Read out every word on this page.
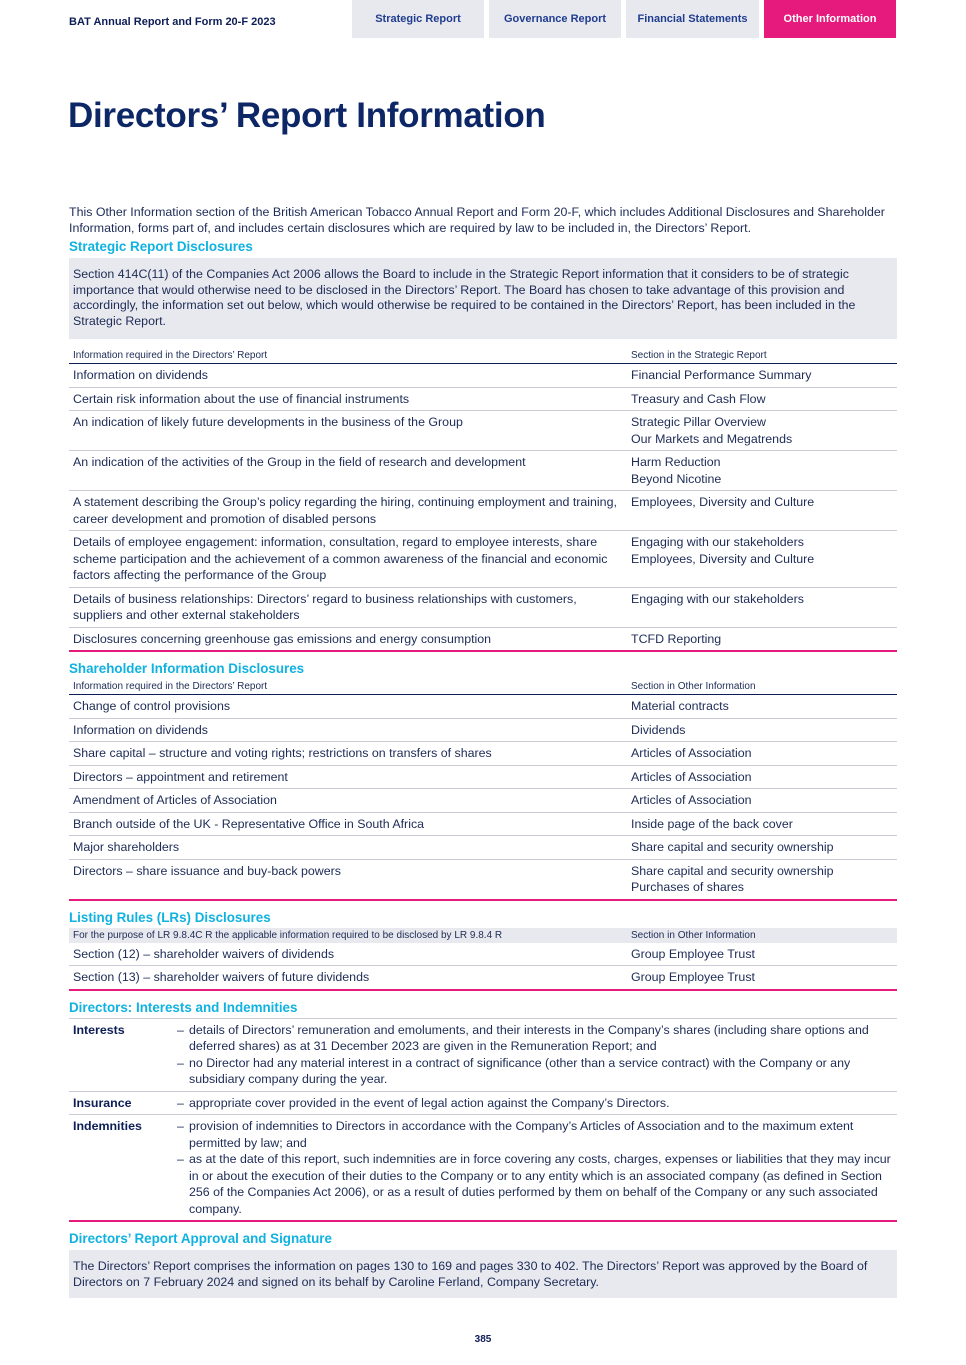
BAT Annual Report and Form 20-F 2023	Strategic Report	Governance Report	Financial Statements	Other Information
Directors’ Report Information

This Other Information section of the British American Tobacco Annual Report and Form 20-F, which includes Additional Disclosures and Shareholder Information, forms part of, and includes certain disclosures which are required by law to be included in, the Directors’ Report.

Strategic Report Disclosures
Section 414C(11) of the Companies Act 2006 allows the Board to include in the Strategic Report information that it considers to be of strategic importance that would otherwise need to be disclosed in the Directors’ Report. The Board has chosen to take advantage of this provision and accordingly, the information set out below, which would otherwise be required to be contained in the Directors’ Report, has been included in the Strategic Report.
Information required in the Directors’ Report	Section in the Strategic Report
Information on dividends	Financial Performance Summary

Certain risk information about the use of financial instruments	Treasury and Cash Flow

An indication of likely future developments in the business of the Group	Strategic Pillar Overview
Our Markets and Megatrends

An indication of the activities of the Group in the field of research and development	Harm Reduction
Beyond Nicotine

A statement describing the Group’s policy regarding the hiring, continuing employment and training, career development and promotion of disabled persons	Employees, Diversity and Culture

Details of employee engagement: information, consultation, regard to employee interests, share scheme participation and the achievement of a common awareness of the financial and economic factors affecting the performance of the Group	Engaging with our stakeholders
Employees, Diversity and Culture

Details of business relationships: Directors’ regard to business relationships with customers, suppliers and other external stakeholders	Engaging with our stakeholders

Disclosures concerning greenhouse gas emissions and energy consumption	TCFD Reporting
Shareholder Information Disclosures
Information required in the Directors’ Report	Section in Other Information
Change of control provisions	Material contracts

Information on dividends	Dividends

Share capital – structure and voting rights; restrictions on transfers of shares	Articles of Association

Directors – appointment and retirement	Articles of Association

Amendment of Articles of Association	Articles of Association

Branch outside of the UK - Representative Office in South Africa	Inside page of the back cover

Major shareholders	Share capital and security ownership

Directors – share issuance and buy-back powers	Share capital and security ownership
Purchases of shares
Listing Rules (LRs) Disclosures
For the purpose of LR 9.8.4C R the applicable information required to be disclosed by LR 9.8.4 R	Section in Other Information
Section (12) – shareholder waivers of dividends	Group Employee Trust

Section (13) – shareholder waivers of future dividends	Group Employee Trust
Directors: Interests and Indemnities
Interests	– details of Directors’ remuneration and emoluments, and their interests in the Company’s shares (including share options and deferred shares) as at 31 December 2023 are given in the Remuneration Report; and
– no Director had any material interest in a contract of significance (other than a service contract) with the Company or any subsidiary company during the year.

Insurance	– appropriate cover provided in the event of legal action against the Company’s Directors.

Indemnities	– provision of indemnities to Directors in accordance with the Company’s Articles of Association and to the maximum extent permitted by law; and
– as at the date of this report, such indemnities are in force covering any costs, charges, expenses or liabilities that they may incur in or about the execution of their duties to the Company or to any entity which is an associated company (as defined in Section 256 of the Companies Act 2006), or as a result of duties performed by them on behalf of the Company or any such associated company.
Directors’ Report Approval and Signature
The Directors’ Report comprises the information on pages 130 to 169 and pages 330 to 402. The Directors’ Report was approved by the Board of Directors on 7 February 2024 and signed on its behalf by Caroline Ferland, Company Secretary.
385
